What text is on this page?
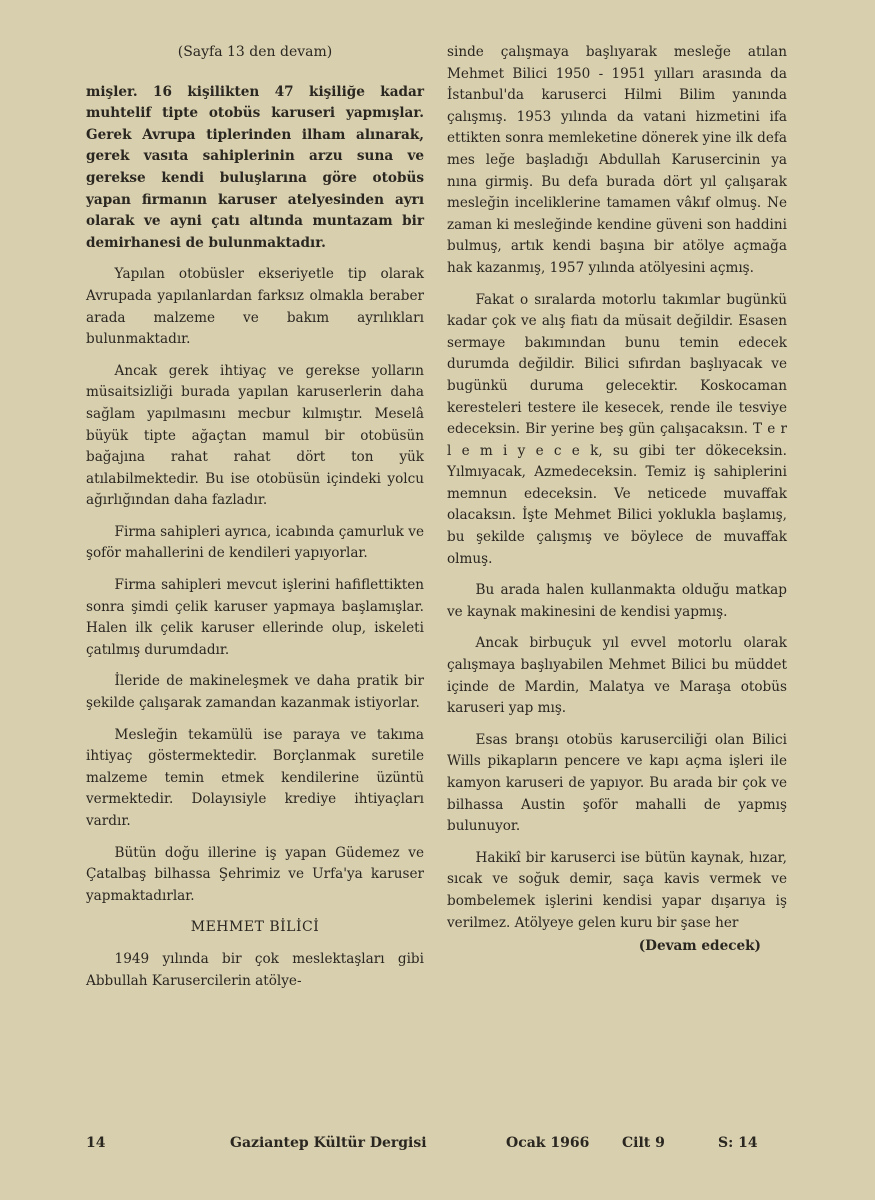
(Sayfa 13 den devam)

mişler. 16 kişilikten 47 kişiliğe kadar muhtelif tipte otobüs karuseri yapmışlar. Gerek Avrupa tiplerinden ilham alınarak, gerek vasıta sahiplerinin arzu suna ve gerekse kendi buluşlarına göre otobüs yapan firmanın karuser atelyesinden ayrı olarak ve ayni çatı altında muntazam bir demirhanesi de bulunmaktadır.

Yapılan otobüsler ekseriyetle tip olarak Avrupada yapılanlardan farksız olmakla beraber arada malzeme ve bakım ayrılıkları bulunmaktadır.

Ancak gerek ihtiyaç ve gerekse yolların müsaitsizliği burada yapılan karuserlerin daha sağlam yapılmasını mecbur kılmıştır. Meselâ büyük tipte ağaçtan mamul bir otobüsün bağajına rahat rahat dört ton yük atılabilmektedir. Bu ise otobüsün içindeki yolcu ağırlığından daha fazladır.

Firma sahipleri ayrıca, icabında çamurluk ve şoför mahallerini de kendileri yapıyorlar.

Firma sahipleri mevcut işlerini hafiflettikten sonra şimdi çelik karuser yapmaya başlamışlar. Halen ilk çelik karuser ellerinde olup, iskeleti çatılmış durumdadır.

İleride de makineleşmek ve daha pratik bir şekilde çalışarak zamandan kazanmak istiyorlar.

Mesleğin tekamülü ise paraya ve takıma ihtiyaç göstermektedir. Borçlanmak suretile malzeme temin etmek kendilerine üzüntü vermektedir. Dolayısiyle krediye ihtiyaçları vardır.

Bütün doğu illerine iş yapan Güdemez ve Çatalbaş bilhassa Şehrimiz ve Urfa'ya karuser yapmaktadırlar.

MEHMET BİLİCİ

1949 yılında bir çok meslektaşları gibi Abbullah Karusercilerin atölye-

sinde çalışmaya başlıyarak mesleğe atılan Mehmet Bilici 1950 - 1951 yılları arasında da İstanbul'da karuserci Hilmi Bilim yanında çalışmış. 1953 yılında da vatani hizmetini ifa ettikten sonra memleketine dönerek yine ilk defa mes leğe başladığı Abdullah Karusercinin ya nına girmiş. Bu defa burada dört yıl çalışarak mesleğin inceliklerine tamamen vâkıf olmuş. Ne zaman ki mesleğinde kendine güveni son haddini bulmuş, artık kendi başına bir atölye açmağa hak kazanmış, 1957 yılında atölyesini açmış.

Fakat o sıralarda motorlu takımlar bugünkü kadar çok ve alış fiatı da müsait değildir. Esasen sermaye bakımından bunu temin edecek durumda değildir. Bilici sıfırdan başlıyacak ve bugünkü duruma gelecektir. Koskocaman kerestelerі testere ile kesecek, rende ile tesviye edeceksin. Bir yerine beş gün çalışacaksın. T e r l e m i y e c e k, su gibi ter dökeceksin. Yılmıyacak, Azmedeceksin. Temiz iş sahiplerini memnun edeceksin. Ve neticede muvaffak olacaksın. İşte Mehmet Bilici yoklukla başlamış, bu şekilde çalışmış ve böylece de muvaffak olmuş.

Bu arada halen kullanmakta olduğu matkap ve kaynak makinesini de kendisi yapmış.

Ancak birbuçuk yıl evvel motorlu olarak çalışmaya başlıyabilen Mehmet Bilici bu müddet içinde de Mardin, Malatya ve Maraşa otobüs karuseri yap mış.

Esas branşı otobüs karuserciliği olan Bilici Wills pikapların pencere ve kapı açma işleri ile kamyon karuseri de yapıyor. Bu arada bir çok ve bilhassa Austin şoför mahalli de yapmış bulunuyor.

Hakikî bir karuserci ise bütün kaynak, hızar, sıcak ve soğuk demir, saça kavis vermek ve bombelemek işlerini kendisi yapar dışarıya iş verilmez. Atölyeye gelen kuru bir şase her

(Devam edecek)
14	Gaziantep Kültür Dergisi	Ocak 1966 Cilt 9	S: 14
